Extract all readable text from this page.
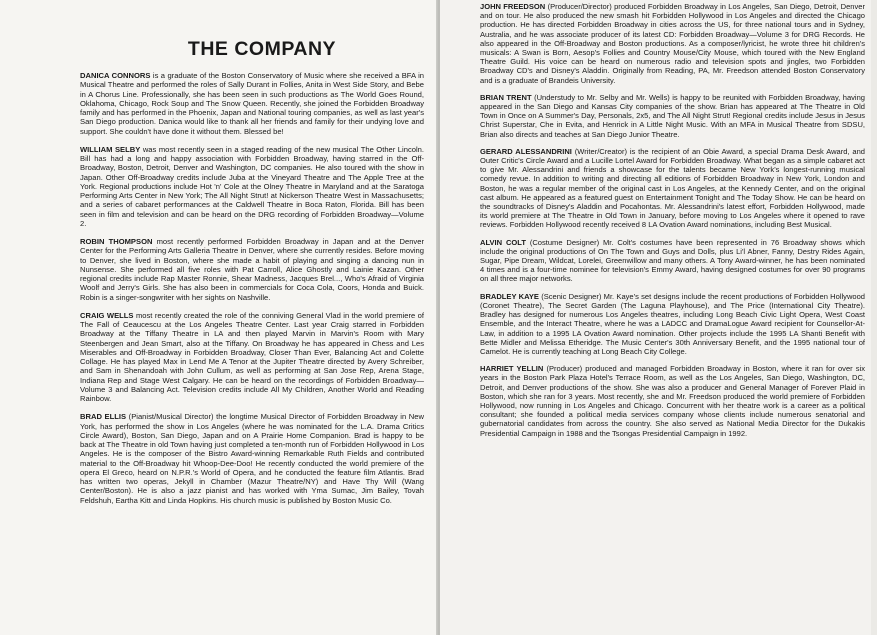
THE COMPANY

DANICA CONNORS is a graduate of the Boston Conservatory of Music where she received a BFA in Musical Theatre and performed the roles of Sally Durant in Follies, Anita in West Side Story, and Bebe in A Chorus Line. Professionally, she has been seen in such productions as The World Goes Round, Oklahoma, Chicago, Rock Soup and The Snow Queen. Recently, she joined the Forbidden Broadway family and has performed in the Phoenix, Japan and National touring companies, as well as last year's San Diego production. Danica would like to thank all her friends and family for their undying love and support. She couldn't have done it without them. Blessed be!

WILLIAM SELBY was most recently seen in a staged reading of the new musical The Other Lincoln. Bill has had a long and happy association with Forbidden Broadway, having starred in the Off-Broadway, Boston, Detroit, Denver and Washington, DC companies. He also toured with the show in Japan. Other Off-Broadway credits include Juba at the Vineyard Theatre and The Apple Tree at the York. Regional productions include Hot 'n' Cole at the Olney Theatre in Maryland and at the Saratoga Performing Arts Center in New York; The All Night Strut! at Nickerson Theatre West in Massachusetts; and a series of cabaret performances at the Caldwell Theatre in Boca Raton, Florida. Bill has been seen in film and television and can be heard on the DRG recording of Forbidden Broadway—Volume 2.

ROBIN THOMPSON most recently performed Forbidden Broadway in Japan and at the Denver Center for the Performing Arts Galleria Theatre in Denver, where she currently resides. Before moving to Denver, she lived in Boston, where she made a habit of playing and singing a dancing nun in Nunsense. She performed all five roles with Pat Carroll, Alice Ghostly and Lainie Kazan. Other regional credits include Rap Master Ronnie, Shear Madness, Jacques Brel..., Who's Afraid of Virginia Woolf and Jerry's Girls. She has also been in commercials for Coca Cola, Coors, Honda and Buick. Robin is a singer-songwriter with her sights on Nashville.

CRAIG WELLS most recently created the role of the conniving General Vlad in the world premiere of The Fall of Ceaucescu at the Los Angeles Theatre Center. Last year Craig starred in Forbidden Broadway at the Tiffany Theatre in LA and then played Marvin in Marvin's Room with Mary Steenbergen and Jean Smart, also at the Tiffany. On Broadway he has appeared in Chess and Les Miserables and Off-Broadway in Forbidden Broadway, Closer Than Ever, Balancing Act and Colette Collage. He has played Max in Lend Me A Tenor at the Jupiter Theatre directed by Avery Schreiber, and Sam in Shenandoah with John Cullum, as well as performing at San Jose Rep, Arena Stage, Indiana Rep and Stage West Calgary. He can be heard on the recordings of Forbidden Broadway—Volume 3 and Balancing Act. Television credits include All My Children, Another World and Reading Rainbow.

BRAD ELLIS (Pianist/Musical Director) the longtime Musical Director of Forbidden Broadway in New York, has performed the show in Los Angeles (where he was nominated for the L.A. Drama Critics Circle Award), Boston, San Diego, Japan and on A Prairie Home Companion. Brad is happy to be back at The Theatre in old Town having just completed a ten-month run of Forbidden Hollywood in Los Angeles. He is the composer of the Bistro Award-winning Remarkable Ruth Fields and contributed material to the Off-Broadway hit Whoop-Dee-Doo! He recently conducted the world premiere of the opera El Greco, heard on N.P.R.'s World of Opera, and he conducted the feature film Atlantis. Brad has written two operas, Jekyll in Chamber (Mazur Theatre/NY) and Have Thy Will (Wang Center/Boston). He is also a jazz pianist and has worked with Yma Sumac, Jim Bailey, Tovah Feldshuh, Eartha Kitt and Linda Hopkins. His church music is published by Boston Music Co.

JOHN FREEDSON (Producer/Director) produced Forbidden Broadway in Los Angeles, San Diego, Detroit, Denver and on tour. He also produced the new smash hit Forbidden Hollywood in Los Angeles and directed the Chicago production. He has directed Forbidden Broadway in cities across the US, for three national tours and in Sydney, Australia, and he was associate producer of its latest CD: Forbidden Broadway—Volume 3 for DRG Records. He also appeared in the Off-Broadway and Boston productions. As a composer/lyricist, he wrote three hit children's musicals: A Swan is Born, Aesop's Follies and Country Mouse/City Mouse, which toured with the New England Theatre Guild. His voice can be heard on numerous radio and television spots and jingles, two Forbidden Broadway CD's and Disney's Aladdin. Originally from Reading, PA, Mr. Freedson attended Boston Conservatory and is a graduate of Brandeis University.

BRIAN TRENT (Understudy to Mr. Selby and Mr. Wells) is happy to be reunited with Forbidden Broadway, having appeared in the San Diego and Kansas City companies of the show. Brian has appeared at The Theatre in Old Town in Once on A Summer's Day, Personals, 2x5, and The All Night Strut! Regional credits include Jesus in Jesus Christ Superstar, Che in Evita, and Henrick in A Little Night Music. With an MFA in Musical Theatre from SDSU, Brian also directs and teaches at San Diego Junior Theatre.

GERARD ALESSANDRINI (Writer/Creator) is the recipient of an Obie Award, a special Drama Desk Award, and Outer Critic's Circle Award and a Lucille Lortel Award for Forbidden Broadway. What began as a simple cabaret act to give Mr. Alessandrini and friends a showcase for the talents became New York's longest-running musical comedy revue. In addition to writing and directing all editions of Forbidden Broadway in New York, London and Boston, he was a regular member of the original cast in Los Angeles, at the Kennedy Center, and on the original cast album. He appeared as a featured guest on Entertainment Tonight and The Today Show. He can be heard on the soundtracks of Disney's Aladdin and Pocahontas. Mr. Alessandrini's latest effort, Forbidden Hollywood, made its world premiere at The Theatre in Old Town in January, before moving to Los Angeles where it opened to rave reviews. Forbidden Hollywood recently received 8 LA Ovation Award nominations, including Best Musical.

ALVIN COLT (Costume Designer) Mr. Colt's costumes have been represented in 76 Broadway shows which include the original productions of On The Town and Guys and Dolls, plus Li'l Abner, Fanny, Destry Rides Again, Sugar, Pipe Dream, Wildcat, Lorelei, Greenwillow and many others. A Tony Award-winner, he has been nominated 4 times and is a four-time nominee for television's Emmy Award, having designed costumes for over 90 programs on all three major networks.

BRADLEY KAYE (Scenic Designer) Mr. Kaye's set designs include the recent productions of Forbidden Hollywood (Coronet Theatre), The Secret Garden (The Laguna Playhouse), and The Price (International City Theatre). Bradley has designed for numerous Los Angeles theatres, including Long Beach Civic Light Opera, West Coast Ensemble, and the Interact Theatre, where he was a LADCC and DramaLogue Award recipient for Counsellor-At-Law, in addition to a 1995 LA Ovation Award nomination. Other projects include the 1995 LA Shanti Benefit with Bette Midler and Melissa Etheridge. The Music Center's 30th Anniversary Benefit, and the 1995 national tour of Camelot. He is currently teaching at Long Beach City College.

HARRIET YELLIN (Producer) produced and managed Forbidden Broadway in Boston, where it ran for over six years in the Boston Park Plaza Hotel's Terrace Room, as well as the Los Angeles, San Diego, Washington, DC, Detroit, and Denver productions of the show. She was also a producer and General Manager of Forever Plaid in Boston, which she ran for 3 years. Most recently, she and Mr. Freedson produced the world premiere of Forbidden Hollywood, now running in Los Angeles and Chicago. Concurrent with her theatre work is a career as a political consultant; she founded a political media services company whose clients include numerous senatorial and gubernatorial candidates from across the country. She also served as National Media Director for the Dukakis Presidential Campaign in 1988 and the Tsongas Presidential Campaign in 1992.
